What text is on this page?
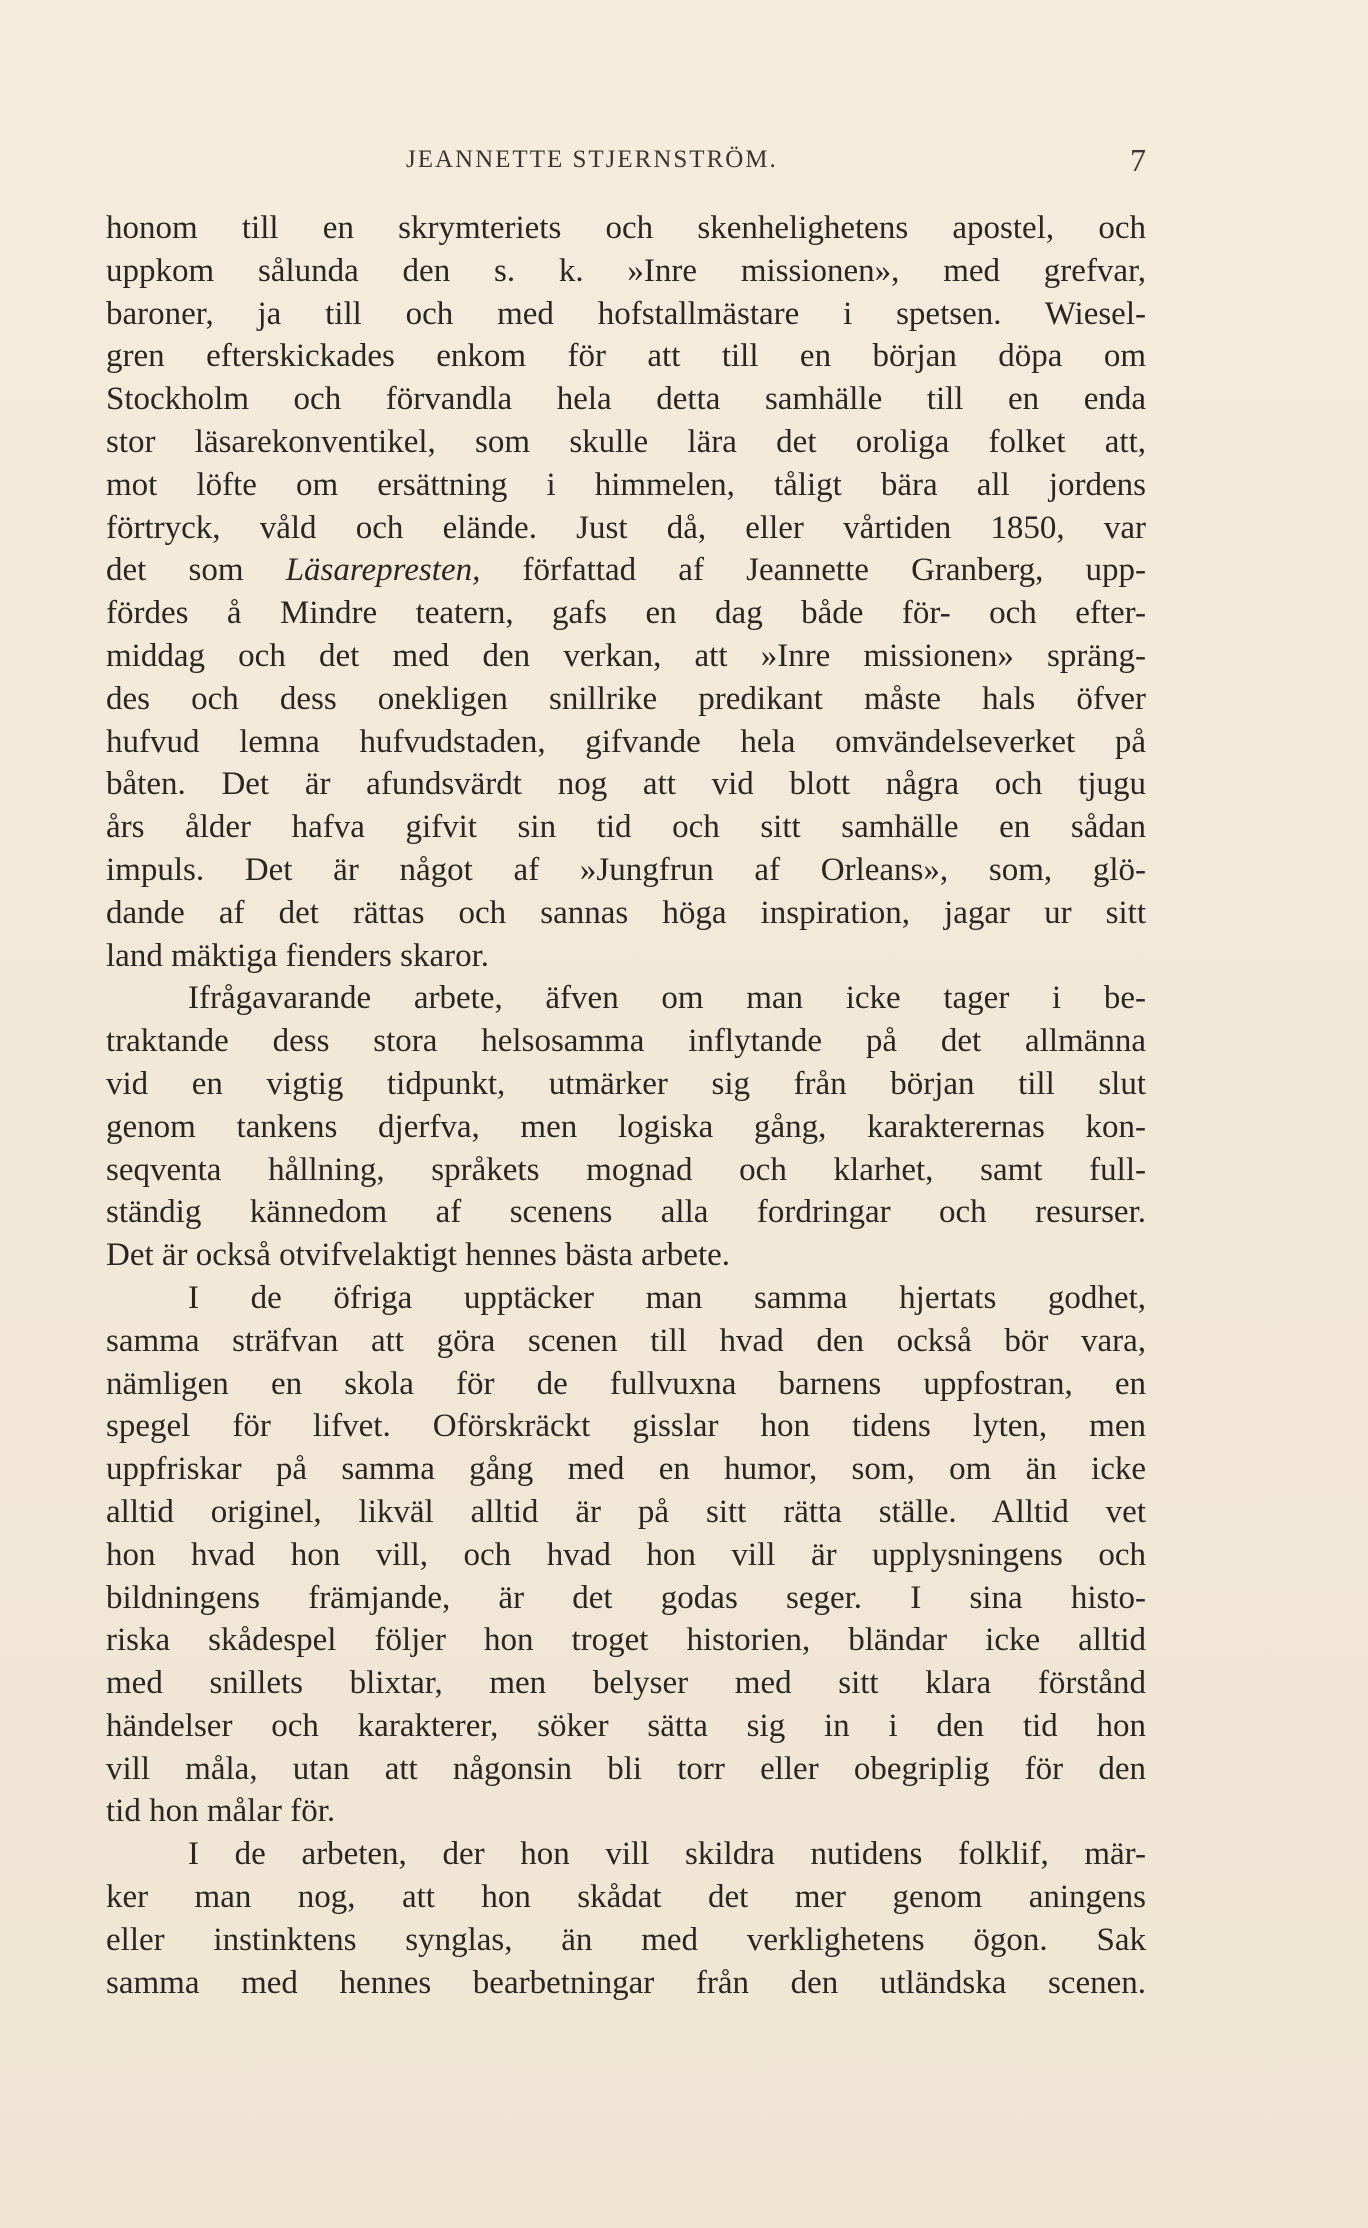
JEANNETTE STJERNSTRÖM.	7
honom till en skrymteriets och skenhelighetens apostel, och
uppkom sålunda den s. k. »Inre missionen», med grefvar,
baroner, ja till och med hofstallmästare i spetsen. Wiesel-
gren efterskickades enkom för att till en början döpa om
Stockholm och förvandla hela detta samhälle till en enda
stor läsarekonventikel, som skulle lära det oroliga folket att,
mot löfte om ersättning i himmelen, tåligt bära all jordens
förtryck, våld och elände. Just då, eller vårtiden 1850, var
det som Läsarepresten, författad af Jeannette Granberg, upp-
fördes å Mindre teatern, gafs en dag både för- och efter-
middag och det med den verkan, att »Inre missionen» spräng-
des och dess onekligen snillrike predikant måste hals öfver
hufvud lemna hufvudstaden, gifvande hela omvändelseverket på
båten. Det är afundsvärdt nog att vid blott några och tjugu
års ålder hafva gifvit sin tid och sitt samhälle en sådan
impuls. Det är något af »Jungfrun af Orleans», som, glö-
dande af det rättas och sannas höga inspiration, jagar ur sitt
land mäktiga fienders skaror.
Ifrågavarande arbete, äfven om man icke tager i be-
traktande dess stora helsosamma inflytande på det allmänna
vid en vigtig tidpunkt, utmärker sig från början till slut
genom tankens djerfva, men logiska gång, karakterernas kon-
seqventa hållning, språkets mognad och klarhet, samt full-
ständig kännedom af scenens alla fordringar och resurser.
Det är också otvifvelaktigt hennes bästa arbete.
I de öfriga upptäcker man samma hjertats godhet,
samma sträfvan att göra scenen till hvad den också bör vara,
nämligen en skola för de fullvuxna barnens uppfostran, en
spegel för lifvet. Oförskräckt gisslar hon tidens lyten, men
uppfriskar på samma gång med en humor, som, om än icke
alltid originel, likväl alltid är på sitt rätta ställe. Alltid vet
hon hvad hon vill, och hvad hon vill är upplysningens och
bildningens främjande, är det godas seger. I sina histo-
riska skådespel följer hon troget historien, bländar icke alltid
med snillets blixtar, men belyser med sitt klara förstånd
händelser och karakterer, söker sätta sig in i den tid hon
vill måla, utan att någonsin bli torr eller obegriplig för den
tid hon målar för.
I de arbeten, der hon vill skildra nutidens folklif, mär-
ker man nog, att hon skådat det mer genom aningens
eller instinktens synglas, än med verklighetens ögon. Sak
samma med hennes bearbetningar från den utländska scenen.
